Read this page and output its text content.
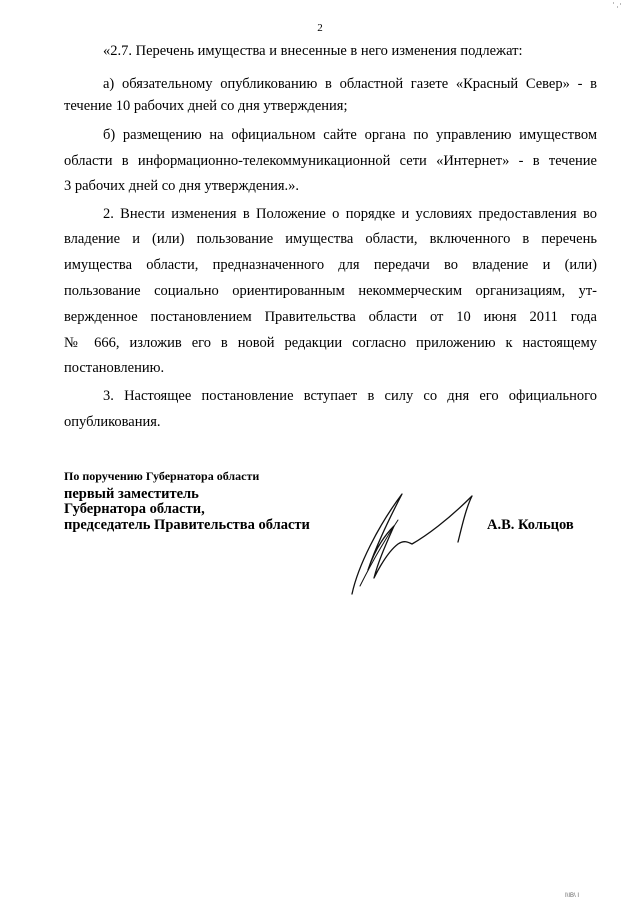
2

«2.7. Перечень имущества и внесенные в него изменения подлежат:

а) обязательному опубликованию в областной газете «Красный Север» - в

течение 10 рабочих дней со дня утверждения;

б) размещению на официальном сайте органа по управлению имуществом

области в информационно-телекоммуникационной сети «Интернет» - в течение

3 рабочих дней со дня утверждения.».

2. Внести изменения в Положение о порядке и условиях предоставления во

владение и (или) пользование имущества области, включенного в перечень

имущества области, предназначенного для передачи во владение и (или)

пользование социально ориентированным некоммерческим организациям, ут-

вержденное постановлением Правительства области от 10 июня 2011 года

№ 666, изложив его в новой редакции согласно приложению к настоящему

постановлению.

3. Настоящее постановление вступает в силу со дня его официального

опубликования.

По поручению Губернатора области

первый заместитель

Губернатора области,

председатель Правительства области	А.В. Кольцов

I\IB\ I
